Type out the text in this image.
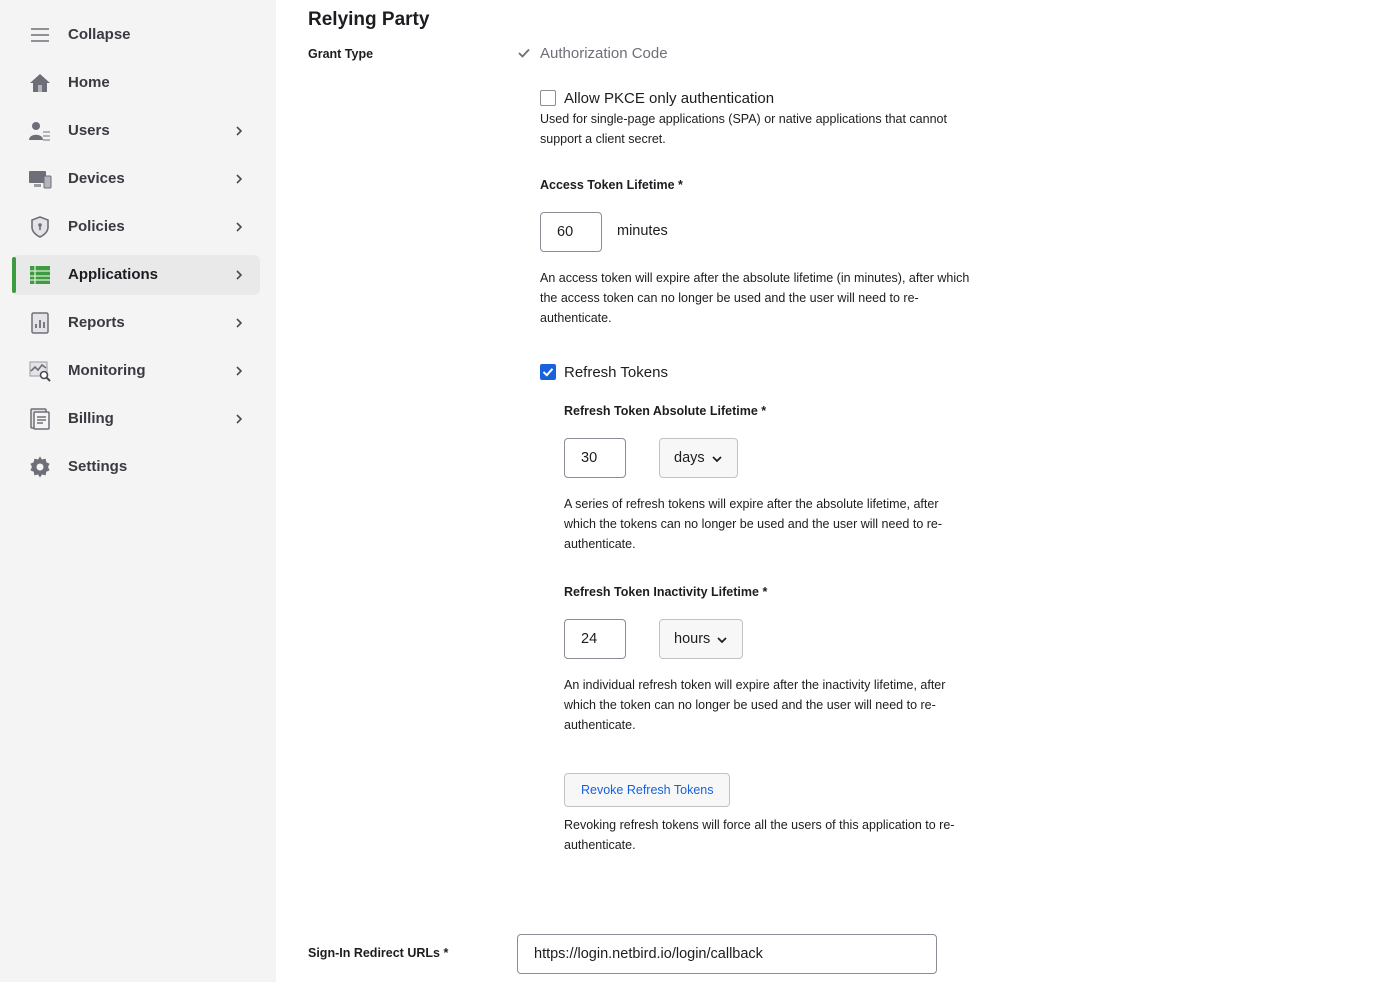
Collapse
Home
Users
Devices
Policies
Applications
Reports
Monitoring
Billing
Settings
Relying Party
Grant Type	Authorization Code
Allow PKCE only authentication
Used for single-page applications (SPA) or native applications that cannot support a client secret.
Access Token Lifetime *
60	minutes
An access token will expire after the absolute lifetime (in minutes), after which the access token can no longer be used and the user will need to re-authenticate.
Refresh Tokens
Refresh Token Absolute Lifetime *
30	days
A series of refresh tokens will expire after the absolute lifetime, after which the tokens can no longer be used and the user will need to re-authenticate.
Refresh Token Inactivity Lifetime *
24	hours
An individual refresh token will expire after the inactivity lifetime, after which the token can no longer be used and the user will need to re-authenticate.
Revoke Refresh Tokens
Revoking refresh tokens will force all the users of this application to re-authenticate.
Sign-In Redirect URLs *	https://login.netbird.io/login/callback
